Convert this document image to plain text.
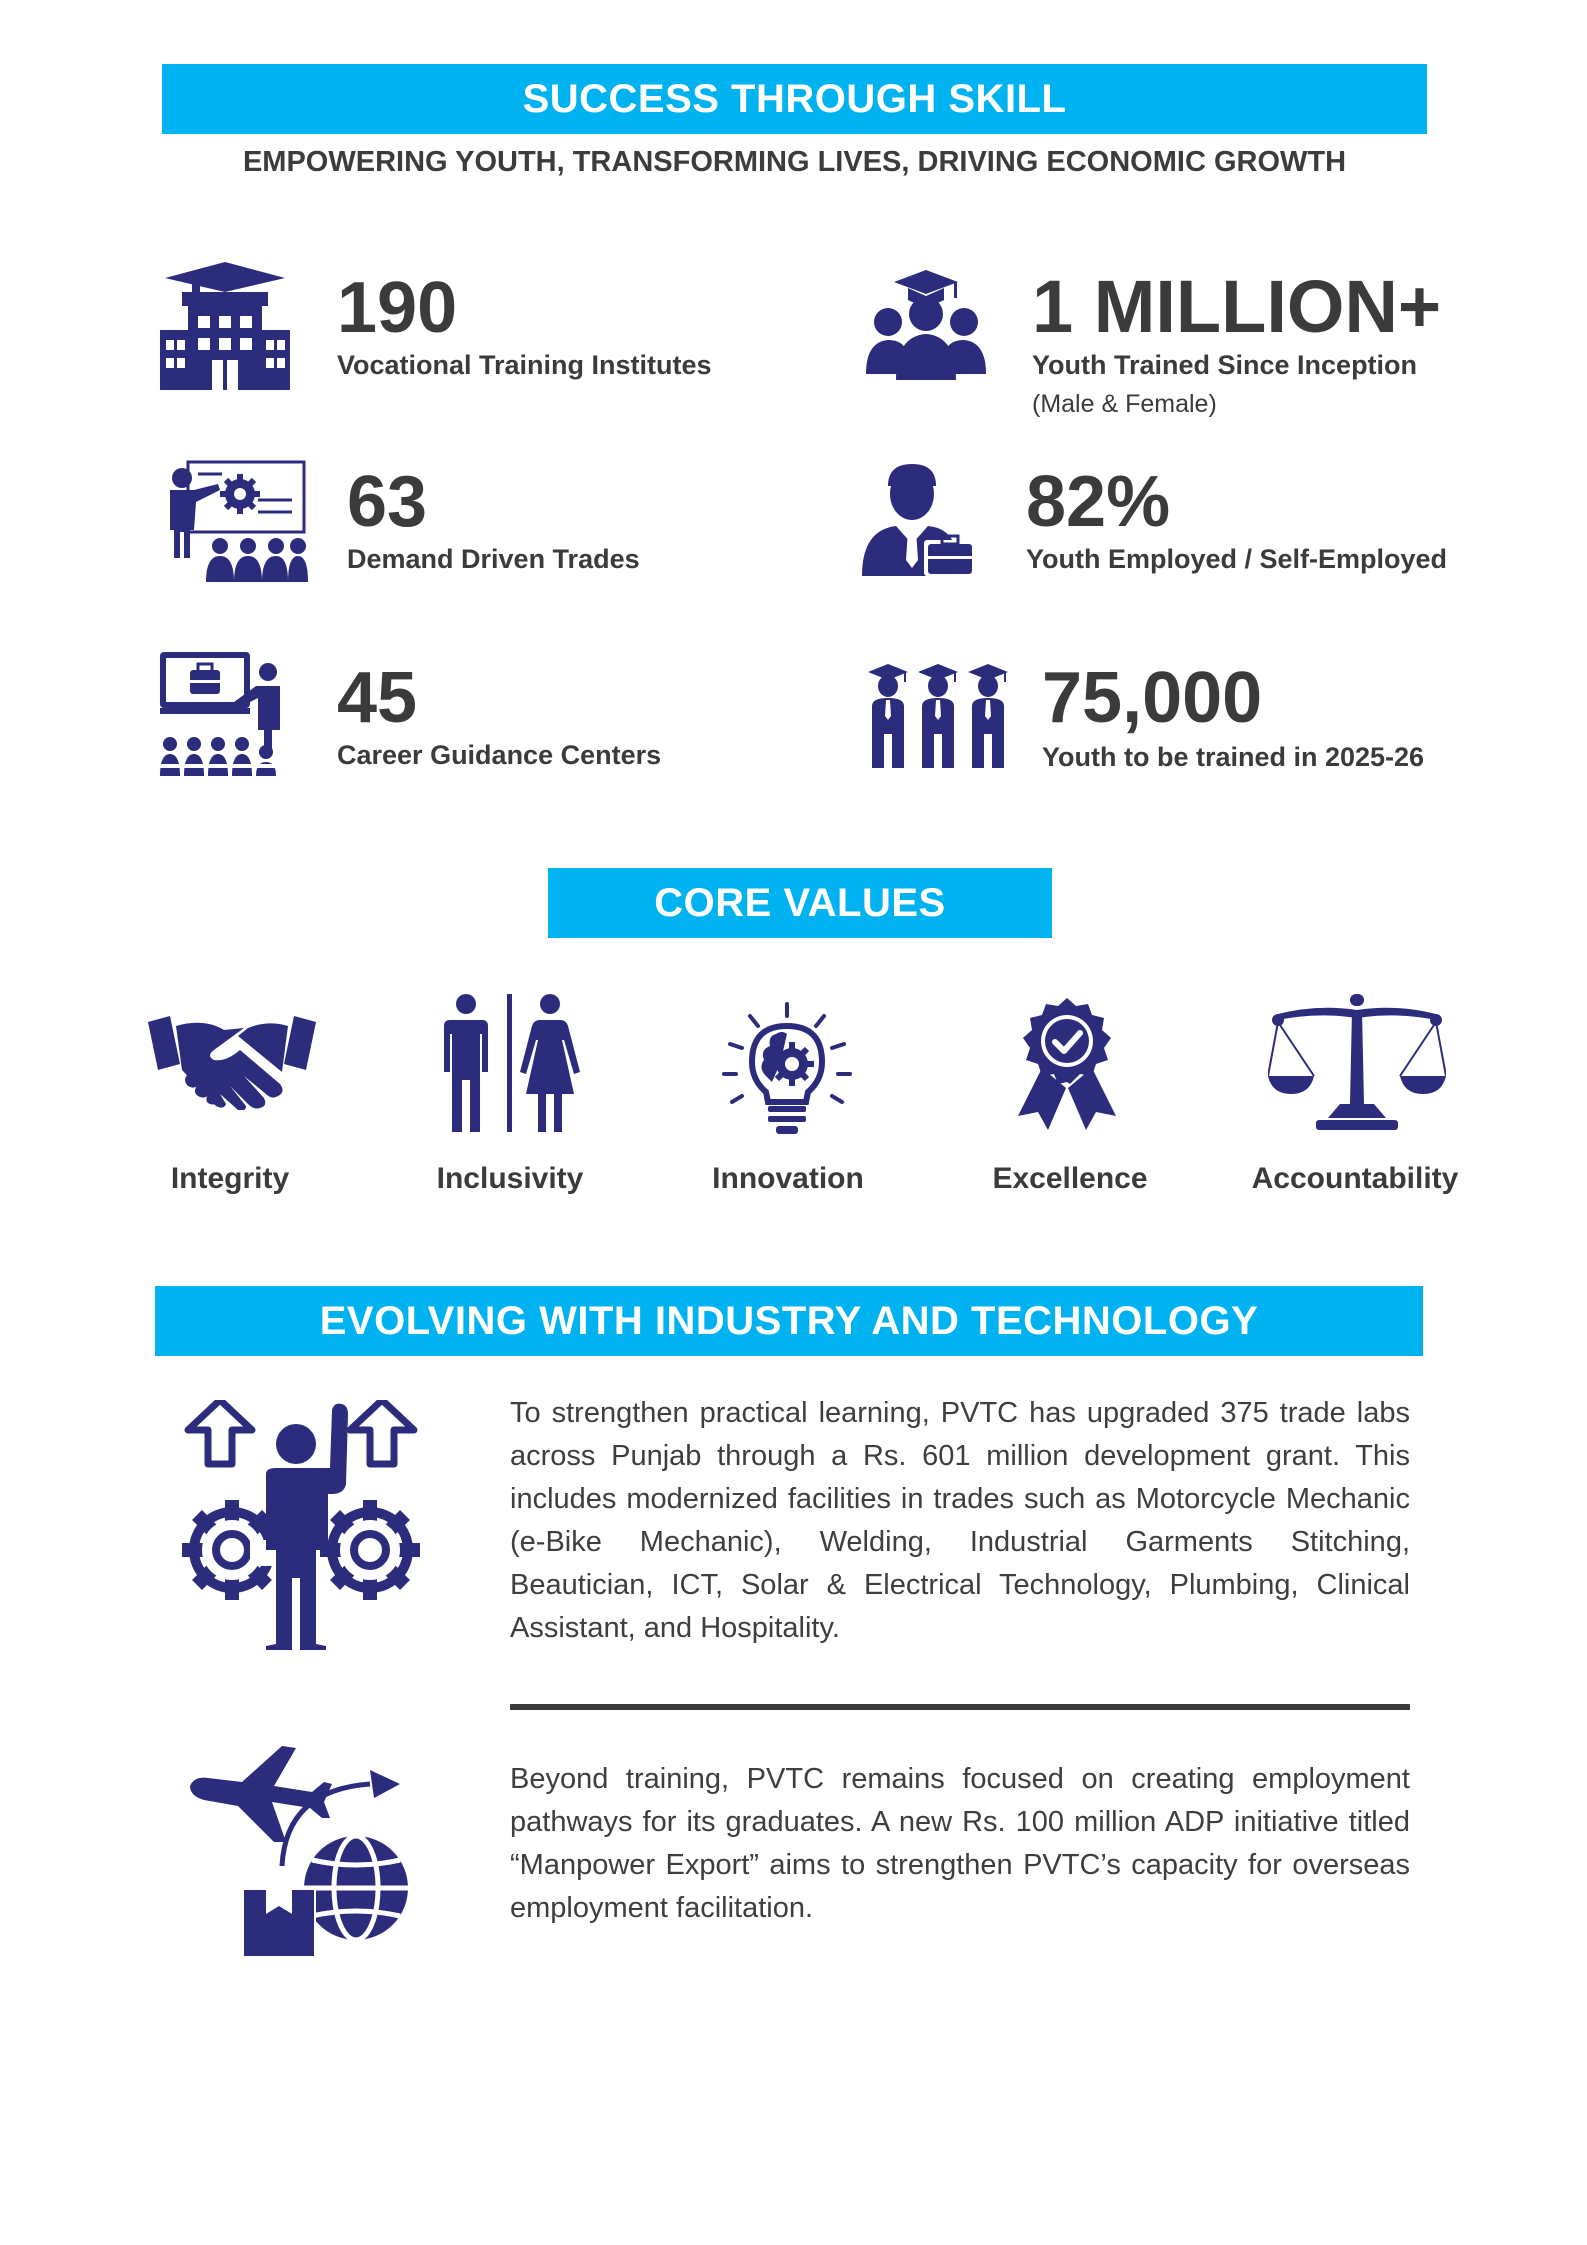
SUCCESS THROUGH SKILL
EMPOWERING YOUTH, TRANSFORMING LIVES, DRIVING ECONOMIC GROWTH
190
Vocational Training Institutes
1 MILLION+
Youth Trained Since Inception
(Male & Female)
63
Demand Driven Trades
82%
Youth Employed / Self-Employed
45
Career Guidance Centers
75,000
Youth to be trained in 2025-26
CORE VALUES
Integrity	Inclusivity	Innovation	Excellence	Accountability
EVOLVING WITH INDUSTRY AND TECHNOLOGY
To strengthen practical learning, PVTC has upgraded 375 trade labs across Punjab through a Rs. 601 million development grant. This includes modernized facilities in trades such as Motorcycle Mechanic (e-Bike Mechanic), Welding, Industrial Garments Stitching, Beautician, ICT, Solar & Electrical Technology, Plumbing, Clinical Assistant, and Hospitality.
Beyond training, PVTC remains focused on creating employment pathways for its graduates. A new Rs. 100 million ADP initiative titled “Manpower Export” aims to strengthen PVTC’s capacity for overseas employment facilitation.
